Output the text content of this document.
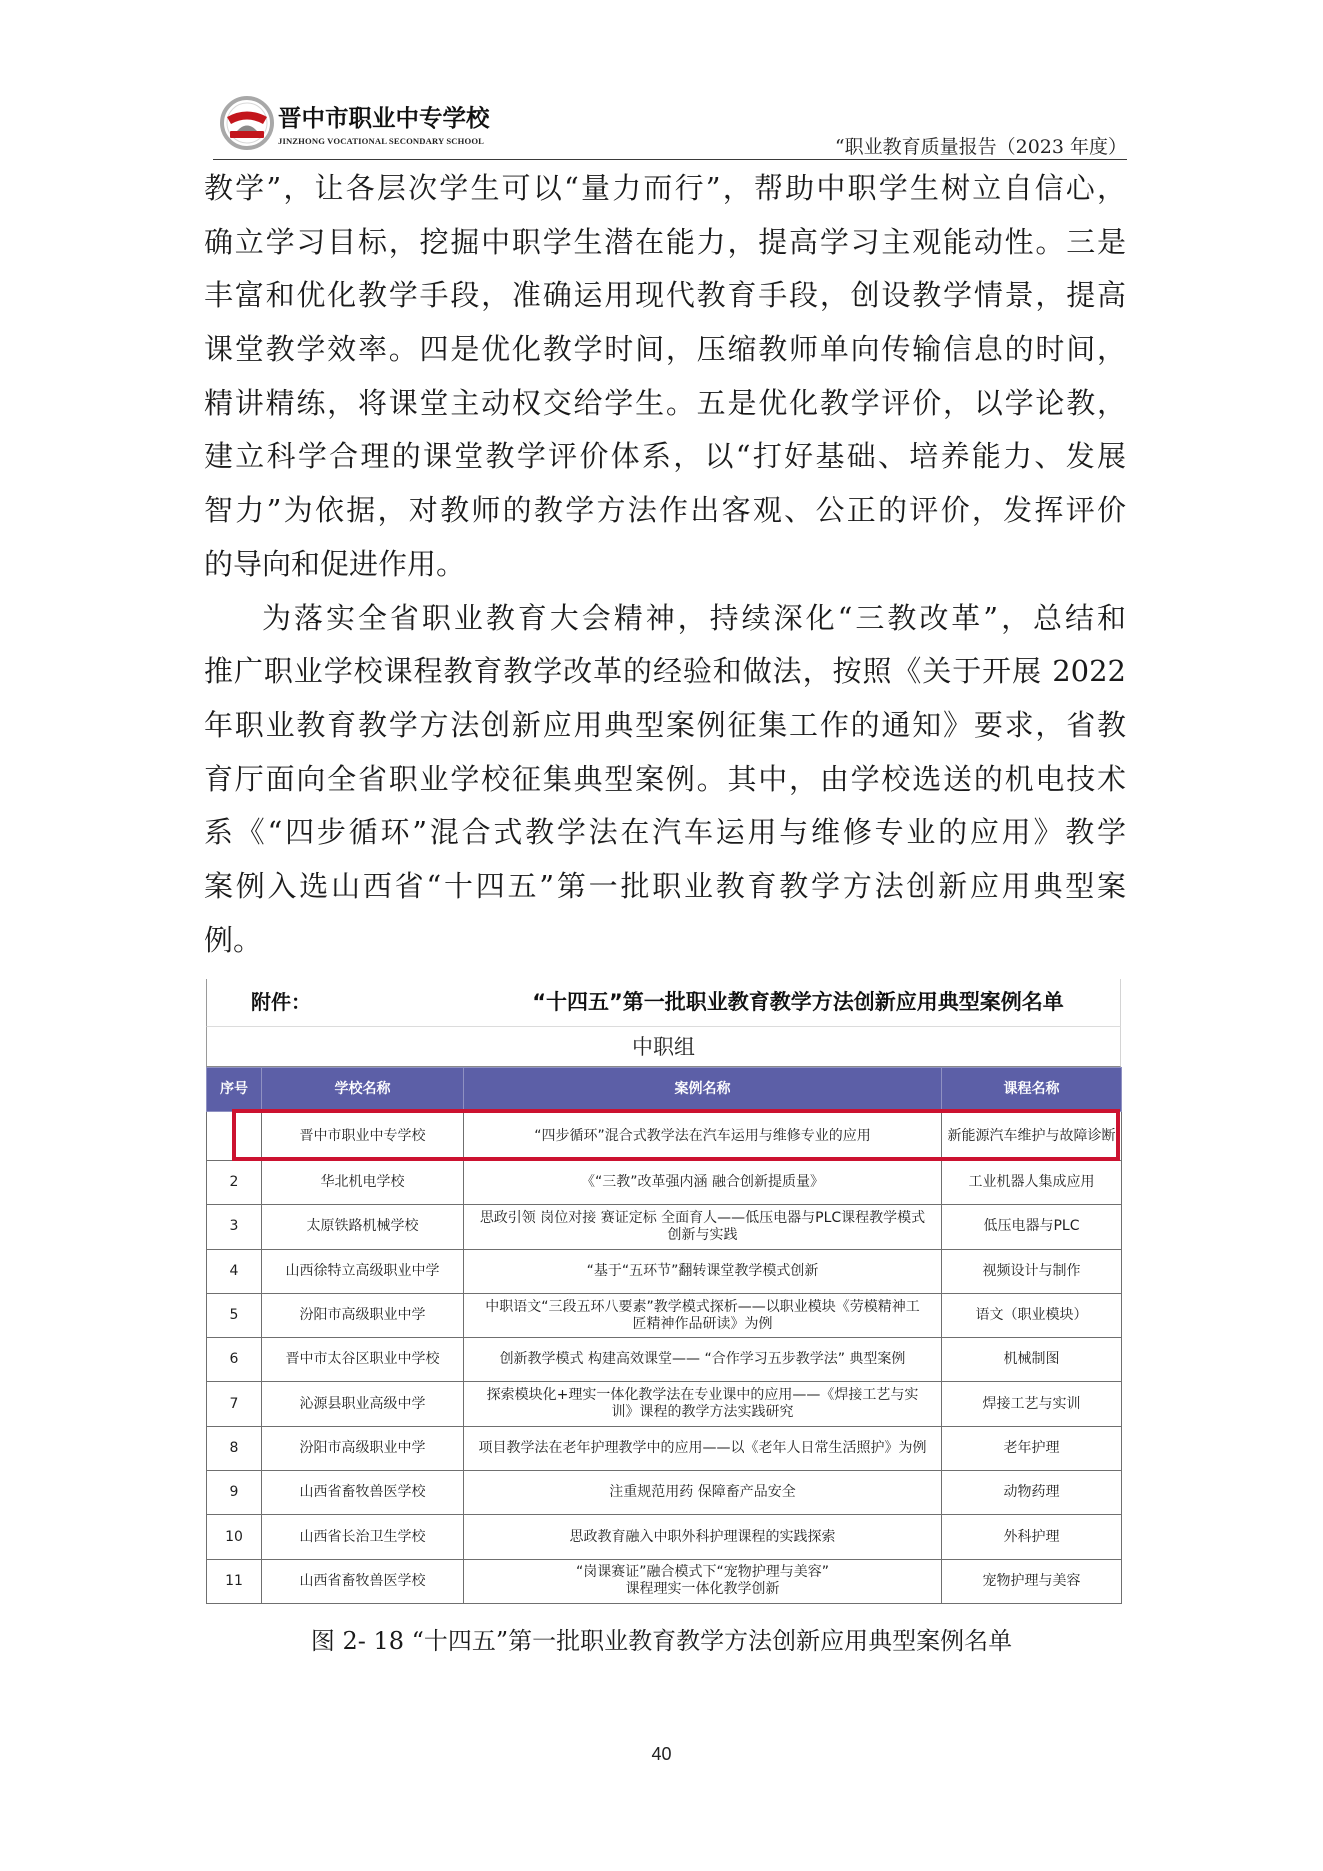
晋中市职业中专学校
JINZHONG VOCATIONAL SECONDARY SCHOOL	“职业教育质量报告（2023 年度）
教学”，让各层次学生可以“量力而行”，帮助中职学生树立自信心，
确立学习目标，挖掘中职学生潜在能力，提高学习主观能动性。三是
丰富和优化教学手段，准确运用现代教育手段，创设教学情景，提高
课堂教学效率。四是优化教学时间，压缩教师单向传输信息的时间，
精讲精练，将课堂主动权交给学生。五是优化教学评价，以学论教，
建立科学合理的课堂教学评价体系，以“打好基础、培养能力、发展
智力”为依据，对教师的教学方法作出客观、公正的评价，发挥评价
的导向和促进作用。
为落实全省职业教育大会精神，持续深化“三教改革”，总结和
推广职业学校课程教育教学改革的经验和做法，按照《关于开展 2022
年职业教育教学方法创新应用典型案例征集工作的通知》要求，省教
育厅面向全省职业学校征集典型案例。其中，由学校选送的机电技术
系《“四步循环”混合式教学法在汽车运用与维修专业的应用》教学
案例入选山西省“十四五”第一批职业教育教学方法创新应用典型案
例。
附件：	“十四五”第一批职业教育教学方法创新应用典型案例名单
中职组
序号	学校名称	案例名称	课程名称
	晋中市职业中专学校	“四步循环”混合式教学法在汽车运用与维修专业的应用	新能源汽车维护与故障诊断
2	华北机电学校	《“三教”改革强内涵 融合创新提质量》	工业机器人集成应用
3	太原铁路机械学校	思政引领 岗位对接 赛证定标 全面育人——低压电器与PLC课程教学模式
创新与实践	低压电器与PLC
4	山西徐特立高级职业中学	“基于“五环节”翻转课堂教学模式创新	视频设计与制作
5	汾阳市高级职业中学	中职语文“三段五环八要素”教学模式探析——以职业模块《劳模精神工
匠精神作品研读》为例	语文（职业模块）
6	晋中市太谷区职业中学校	创新教学模式 构建高效课堂—— “合作学习五步教学法” 典型案例	机械制图
7	沁源县职业高级中学	探索模块化+理实一体化教学法在专业课中的应用——《焊接工艺与实
训》课程的教学方法实践研究	焊接工艺与实训
8	汾阳市高级职业中学	项目教学法在老年护理教学中的应用——以《老年人日常生活照护》为例	老年护理
9	山西省畜牧兽医学校	注重规范用药 保障畜产品安全	动物药理
10	山西省长治卫生学校	思政教育融入中职外科护理课程的实践探索	外科护理
11	山西省畜牧兽医学校	“岗课赛证”融合模式下“宠物护理与美容”
课程理实一体化教学创新	宠物护理与美容
图 2- 18 “十四五”第一批职业教育教学方法创新应用典型案例名单
40
